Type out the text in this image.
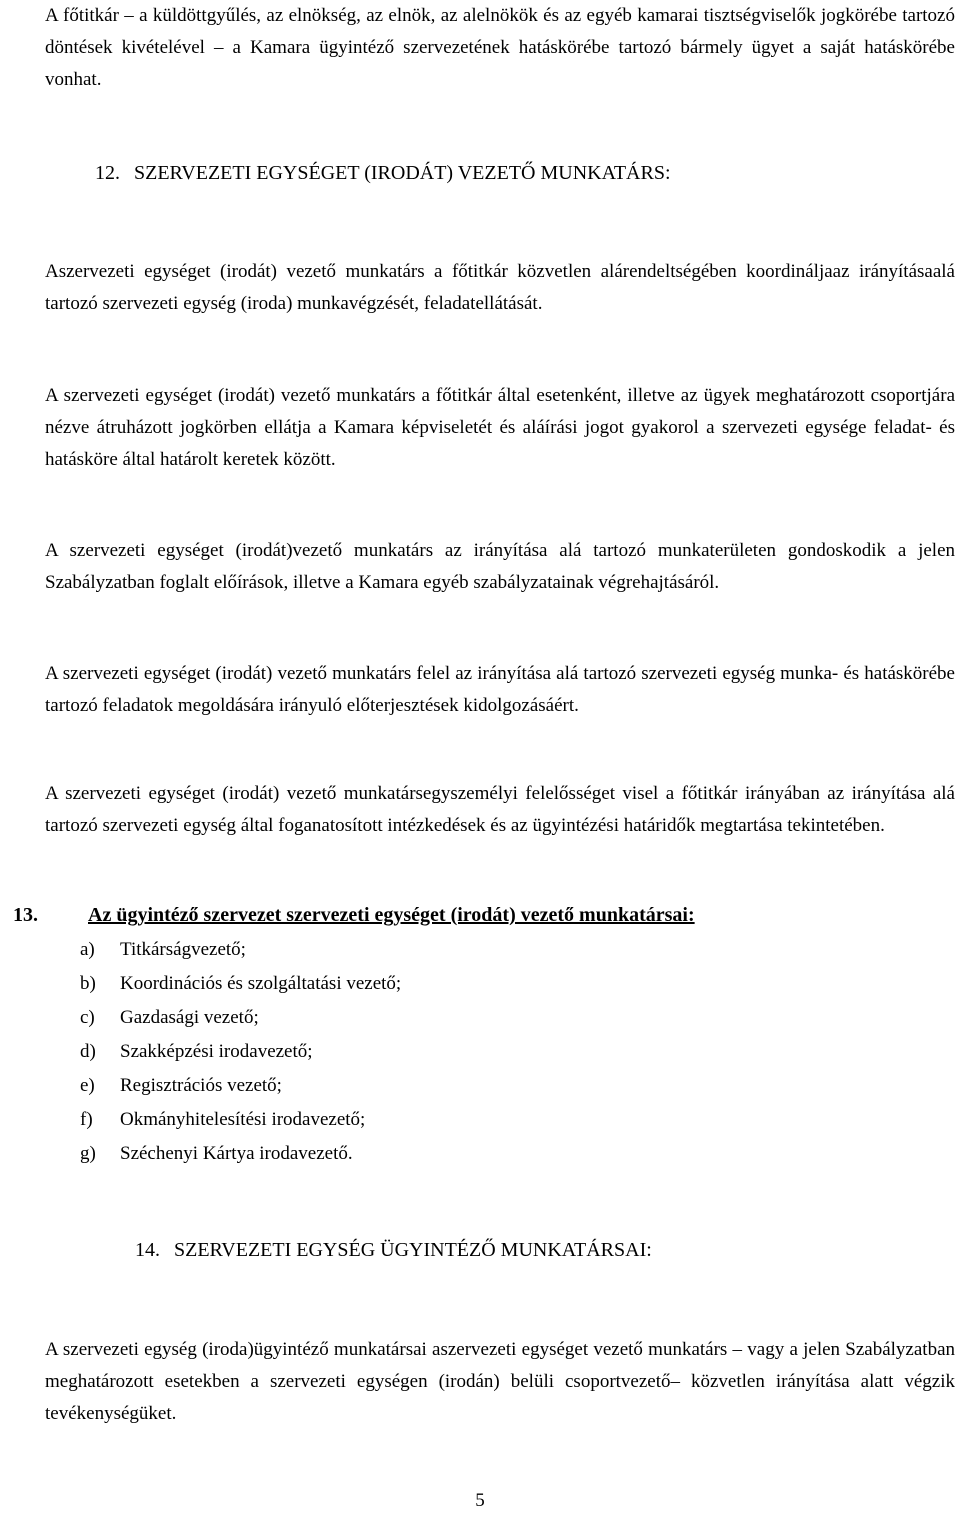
A főtitkár – a küldöttgyűlés, az elnökség, az elnök, az alelnökök és az egyéb kamarai tisztségviselők jogkörébe tartozó döntések kivételével – a Kamara ügyintéző szervezetének hatáskörébe tartozó bármely ügyet a saját hatáskörébe vonhat.

12. SZERVEZETI EGYSÉGET (IRODÁT) VEZETŐ MUNKATÁRS:

Aszervezeti egységet (irodát) vezető munkatárs a főtitkár közvetlen alárendeltségében koordináljaaz irányításaalá tartozó szervezeti egység (iroda) munkavégzését, feladatellátását.

A szervezeti egységet (irodát) vezető munkatárs a főtitkár által esetenként, illetve az ügyek meghatározott csoportjára nézve átruházott jogkörben ellátja a Kamara képviseletét és aláírási jogot gyakorol a szervezeti egysége feladat- és hatásköre által határolt keretek között.

A szervezeti egységet (irodát)vezető munkatárs az irányítása alá tartozó munkaterületen gondoskodik a jelen Szabályzatban foglalt előírások, illetve a Kamara egyéb szabályzatainak végrehajtásáról.

A szervezeti egységet (irodát) vezető munkatárs felel az irányítása alá tartozó szervezeti egység munka- és hatáskörébe tartozó feladatok megoldására irányuló előterjesztések kidolgozásáért.

A szervezeti egységet (irodát) vezető munkatársegyszemélyi felelősséget visel a főtitkár irányában az irányítása alá tartozó szervezeti egység által foganatosított intézkedések és az ügyintézési határidők megtartása tekintetében.

13.	Az ügyintéző szervezet szervezeti egységet (irodát) vezető munkatársai:
a) Titkárságvezető;
b) Koordinációs és szolgáltatási vezető;
c) Gazdasági vezető;
d) Szakképzési irodavezető;
e) Regisztrációs vezető;
f) Okmányhitelesítési irodavezető;
g) Széchenyi Kártya irodavezető.
14. SZERVEZETI EGYSÉG ÜGYINTÉZŐ MUNKATÁRSAI:

A szervezeti egység (iroda)ügyintéző munkatársai aszervezeti egységet vezető munkatárs – vagy a jelen Szabályzatban meghatározott esetekben a szervezeti egységen (irodán) belüli csoportvezető– közvetlen irányítása alatt végzik tevékenységüket.

5
